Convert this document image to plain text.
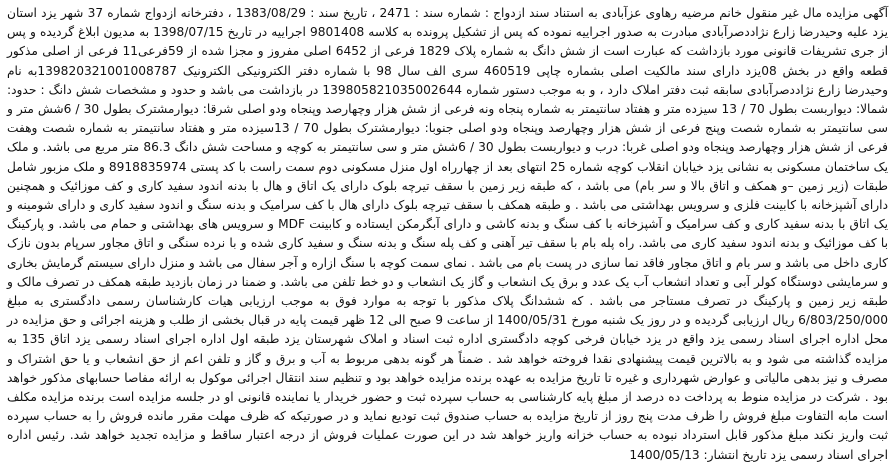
آگهی مزایده مال غیر منقول خانم مرضیه رهاوی عزآبادی به استناد سند ازدواج : شماره سند : 2471 ، تاریخ سند : 1383/08/29 ، دفترخانه ازدواج شماره 37 شهر یزد استان یزد علیه وحیدرضا زارع نژاددصرآبادی مبادرت به صدور اجراییه نموده که پس از تشکیل پرونده به کلاسه 9801408 اجراییه در تاریخ 1398/07/15 به مدیون ابلاغ گردیده و پس از جری تشریفات قانونی مورد بازداشت که عبارت است از شش دانگ به شماره پلاک 1829 فرعی از 6452 اصلی مفروز و مجزا شده از 59فرعی11 فرعی از اصلی مذکور قطعه واقع در بخش 08یزد دارای سند مالکیت اصلی بشماره چاپی 460519 سری الف سال 98 با شماره دفتر الکترونیکی الکترونیک 139820321001008787به نام وحیدرضا زارع نژاددصرآبادی سابقه ثبت دفتر املاک دارد ، و به موجب دستور شماره 139805821035002644 در بازداشت می باشد و حدود و مشخصات شش دانگ : حدود: شمالا: دیواربست بطول 70 / 13 سیزده متر و هفتاد سانتیمتر به شماره پنجاه ونه فرعی از شش هزار وچهارصد وپنجاه ودو اصلی شرقا: دیوارمشترک بطول 30 / 6شش متر و سی سانتیمتر به شماره شصت وپنج فرعی از شش هزار وچهارصد وپنجاه ودو اصلی جنوبا: دیوارمشترک بطول 70 / 13سیزده متر و هفتاد سانتیمتر به شماره شصت وهفت فرعی از شش هزار وچهارصد وپنجاه ودو اصلی غربا: درب و دیواربست بطول 30 / 6شش متر و سی سانتیمتر به کوچه و مساحت شش دانگ 86.3 متر مربع می باشد. و ملک یک ساختمان مسکونی به نشانی یزد خیابان انقلاب کوچه شماره 25 انتهای بعد از چهارراه اول منزل مسکونی دوم سمت راست با کد پستی 8918835974 و ملک مزبور شامل طبقات (زیر زمین –و همکف و اتاق بالا و سر بام) می باشد ، که طبقه زیر زمین با سقف تیرچه بلوک دارای یک اتاق و هال با بدنه اندود سفید کاری و کف موزائیک و همچنین دارای آشپزخانه با کابینت فلزی و سرویس بهداشتی می باشد . و طبقه همکف با سقف تیرچه بلوک دارای هال با کف سرامیک و بدنه سنگ و اندود سفید کاری و دارای شومینه و یک اتاق با بدنه سفید کاری و کف سرامیک و آشپزخانه با کف سنگ و بدنه کاشی و دارای آبگرمکن ایستاده و کابینت MDF و سرویس های بهداشتی و حمام می باشد. و پارکینگ با کف موزائیک و بدنه اندود سفید کاری می باشد. راه پله بام با سقف تیر آهنی و کف پله سنگ و بدنه سنگ و سفید کاری شده و با نرده سنگی و اتاق مجاور سرپام بدون نازک کاری داخل می باشد و سر بام و اتاق مجاور فاقد نما سازی در پست بام می باشد . نمای سمت کوچه با سنگ ازاره و آجر سفال می باشد و منزل دارای سیستم گرمایش بخاری و سرمایشی دوستگاه کولر آبی و تعداد انشعاب آب یک عدد و برق یک انشعاب و گاز یک انشعاب و دو خط تلفن می باشد. و ضمنا در زمان بازدید طبقه همکف در تصرف مالک و طبقه زیر زمین و پارکینگ در تصرف مستاجر می باشد . که ششدانگ پلاک مذکور با توجه به موارد فوق به موجب ارزیابی هیات کارشناسان رسمی دادگستری به مبلغ 6/803/250/000 ریال ارزیابی گردیده و در روز یک شنبه مورخ 1400/05/31 از ساعت 9 صبح الی 12 ظهر قیمت پایه در قبال بخشی از طلب و هزینه اجرائی و حق مزایده در محل اداره اجرای اسناد رسمی یزد واقع در یزد خیابان فرخی کوچه دادگستری اداره ثبت اسناد و املاک شهرستان یزد طبقه اول اداره اجرای اسناد رسمی یزد اتاق 135 به مزایده گذاشته می شود و به بالاترین قیمت پیشنهادی نقدا فروخته خواهد شد . ضمناً هر گونه بدهی مربوط به آب و برق و گاز و تلفن اعم از حق انشعاب و یا حق اشتراک و مصرف و نیز بدهی مالیاتی و عوارض شهرداری و غیره تا تاریخ مزایده به عهده برنده مزایده خواهد بود و تنظیم سند انتقال اجرائی موکول به ارائه مفاصا حسابهای مذکور خواهد بود . شرکت در مزایده منوط به پرداخت ده درصد از مبلغ پایه کارشناسی به حساب سپرده ثبت و حضور خریدار یا نماینده قانونی او در جلسه مزایده است برنده مزایده مکلف است مابه التفاوت مبلغ فروش را ظرف مدت پنج روز از تاریخ مزایده به حساب صندوق ثبت تودیع نماید و در صورتیکه که ظرف مهلت مقرر مانده فروش را به حساب سپرده ثبت واریز نکند مبلغ مذکور قابل استرداد نبوده به حساب خزانه واریز خواهد شد در این صورت عملیات فروش از درجه اعتبار ساقط و مزایده تجدید خواهد شد. رئیس اداره اجرای اسناد رسمی یزد تاریخ انتشار: 1400/05/13
